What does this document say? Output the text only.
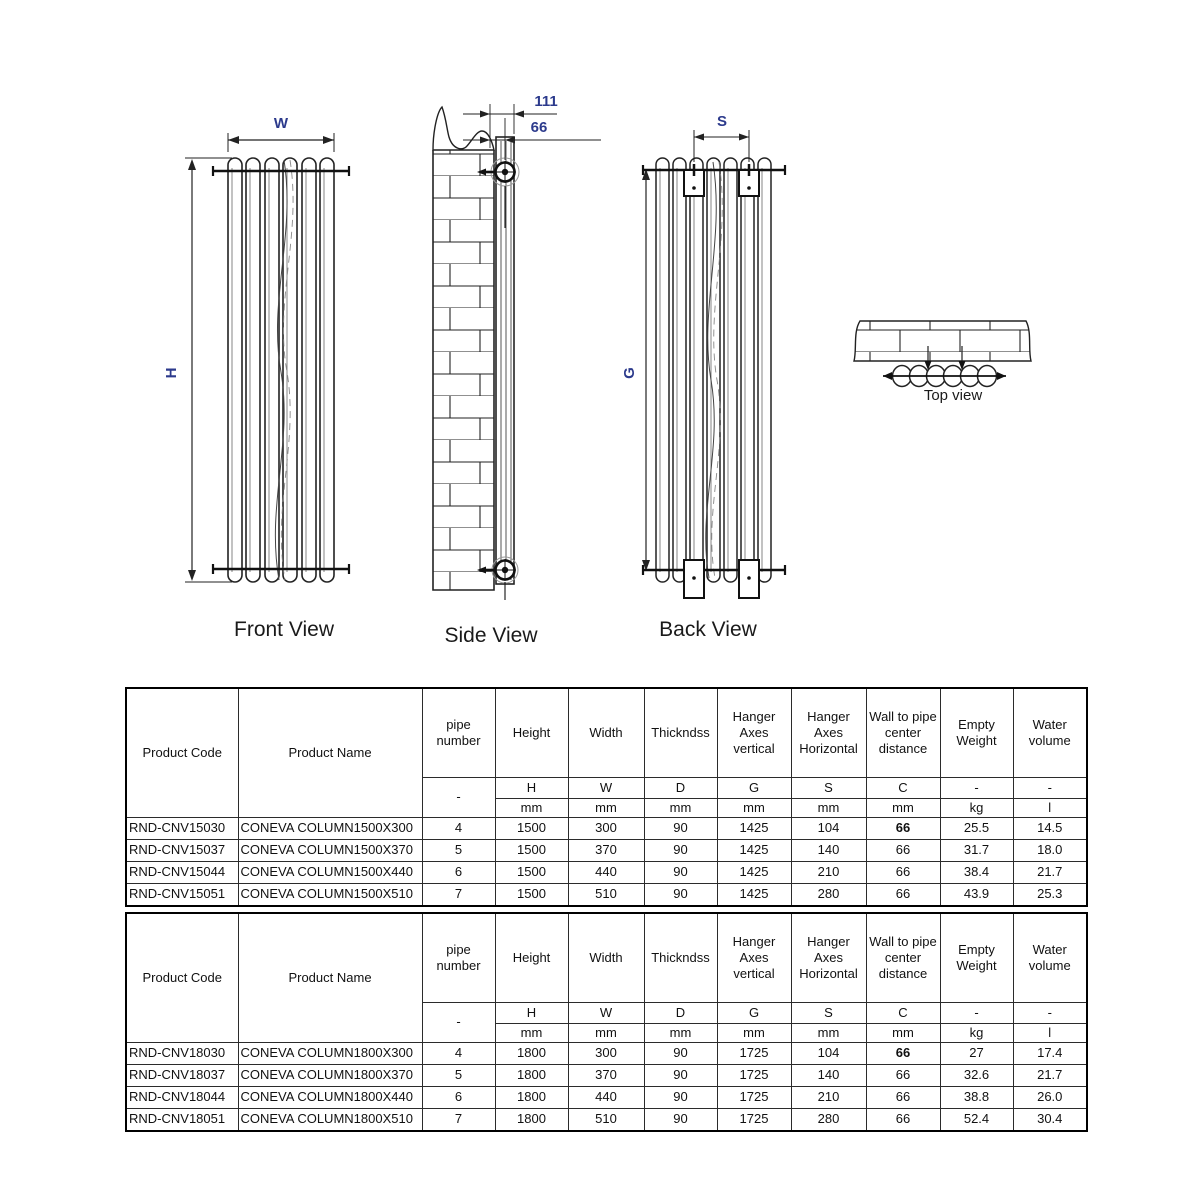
H
W
Front View
111
66
Side View
G
S
Back View
Top view
Product Code	Product Name	pipe number	Height	Width	Thickndss	Hanger Axes vertical	Hanger Axes Horizontal	Wall to pipe center distance	Empty Weight	Water volume
		-	H	W	D	G	S	C	-	-
			mm	mm	mm	mm	mm	mm	kg	l
RND-CNV15030	CONEVA COLUMN1500X300	4	1500	300	90	1425	104	66	25.5	14.5
RND-CNV15037	CONEVA COLUMN1500X370	5	1500	370	90	1425	140	66	31.7	18.0
RND-CNV15044	CONEVA COLUMN1500X440	6	1500	440	90	1425	210	66	38.4	21.7
RND-CNV15051	CONEVA COLUMN1500X510	7	1500	510	90	1425	280	66	43.9	25.3
Product Code	Product Name	pipe number	Height	Width	Thickndss	Hanger Axes vertical	Hanger Axes Horizontal	Wall to pipe center distance	Empty Weight	Water volume
		-	H	W	D	G	S	C	-	-
			mm	mm	mm	mm	mm	mm	kg	l
RND-CNV18030	CONEVA COLUMN1800X300	4	1800	300	90	1725	104	66	27	17.4
RND-CNV18037	CONEVA COLUMN1800X370	5	1800	370	90	1725	140	66	32.6	21.7
RND-CNV18044	CONEVA COLUMN1800X440	6	1800	440	90	1725	210	66	38.8	26.0
RND-CNV18051	CONEVA COLUMN1800X510	7	1800	510	90	1725	280	66	52.4	30.4
